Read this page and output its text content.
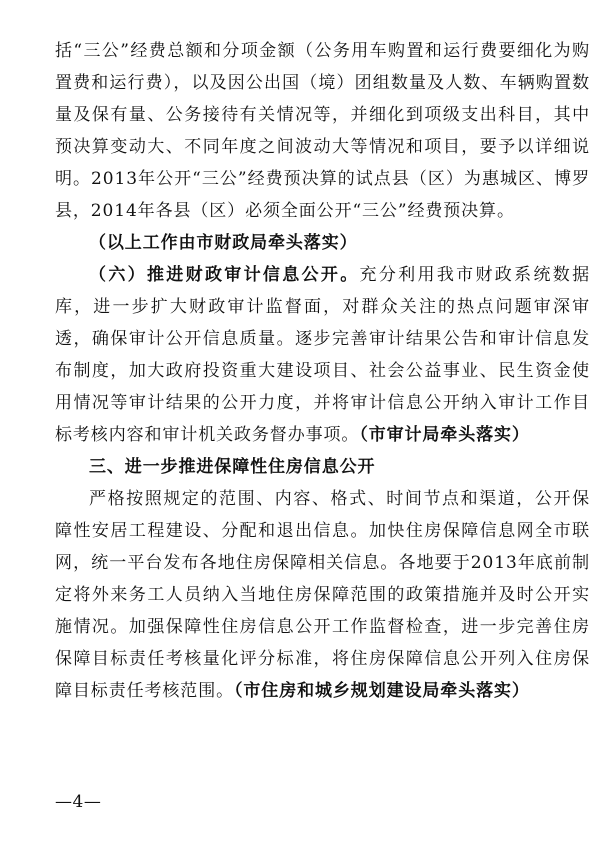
括“三公”经费总额和分项金额（公务用车购置和运行费要细化为购置费和运行费），以及因公出国（境）团组数量及人数、车辆购置数量及保有量、公务接待有关情况等，并细化到项级支出科目，其中预决算变动大、不同年度之间波动大等情况和项目，要予以详细说明。2013年公开“三公”经费预决算的试点县（区）为惠城区、博罗县，2014年各县（区）必须全面公开“三公”经费预决算。

（以上工作由市财政局牵头落实）

（六）推进财政审计信息公开。充分利用我市财政系统数据库，进一步扩大财政审计监督面，对群众关注的热点问题审深审透，确保审计公开信息质量。逐步完善审计结果公告和审计信息发布制度，加大政府投资重大建设项目、社会公益事业、民生资金使用情况等审计结果的公开力度，并将审计信息公开纳入审计工作目标考核内容和审计机关政务督办事项。（市审计局牵头落实）

三、进一步推进保障性住房信息公开

严格按照规定的范围、内容、格式、时间节点和渠道，公开保障性安居工程建设、分配和退出信息。加快住房保障信息网全市联网，统一平台发布各地住房保障相关信息。各地要于2013年底前制定将外来务工人员纳入当地住房保障范围的政策措施并及时公开实施情况。加强保障性住房信息公开工作监督检查，进一步完善住房保障目标责任考核量化评分标准，将住房保障信息公开列入住房保障目标责任考核范围。（市住房和城乡规划建设局牵头落实）

—4—
